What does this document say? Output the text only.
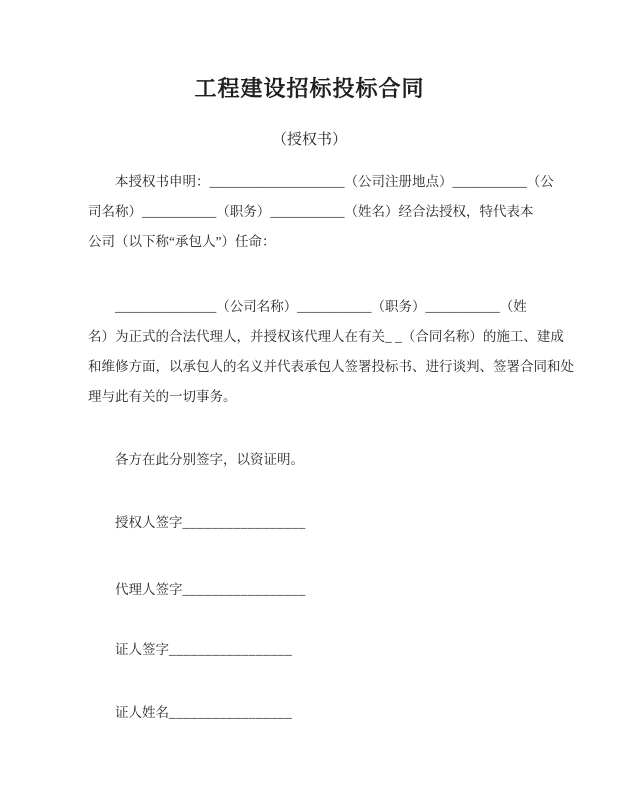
工程建设招标投标合同
（授权书）
本授权书申明：____________________（公司注册地点）___________（公
司名称）___________（职务）___________（姓名）经合法授权，特代表本
公司（以下称“承包人”）任命：
_______________（公司名称）___________（职务）___________（姓
名）为正式的合法代理人，并授权该代理人在有关_ _（合同名称）的施工、建成
和维修方面，以承包人的名义并代表承包人签署投标书、进行谈判、签署合同和处
理与此有关的一切事务。
各方在此分别签字，以资证明。
授权人签字_________________
代理人签字_________________
证人签字_________________
证人姓名_________________
